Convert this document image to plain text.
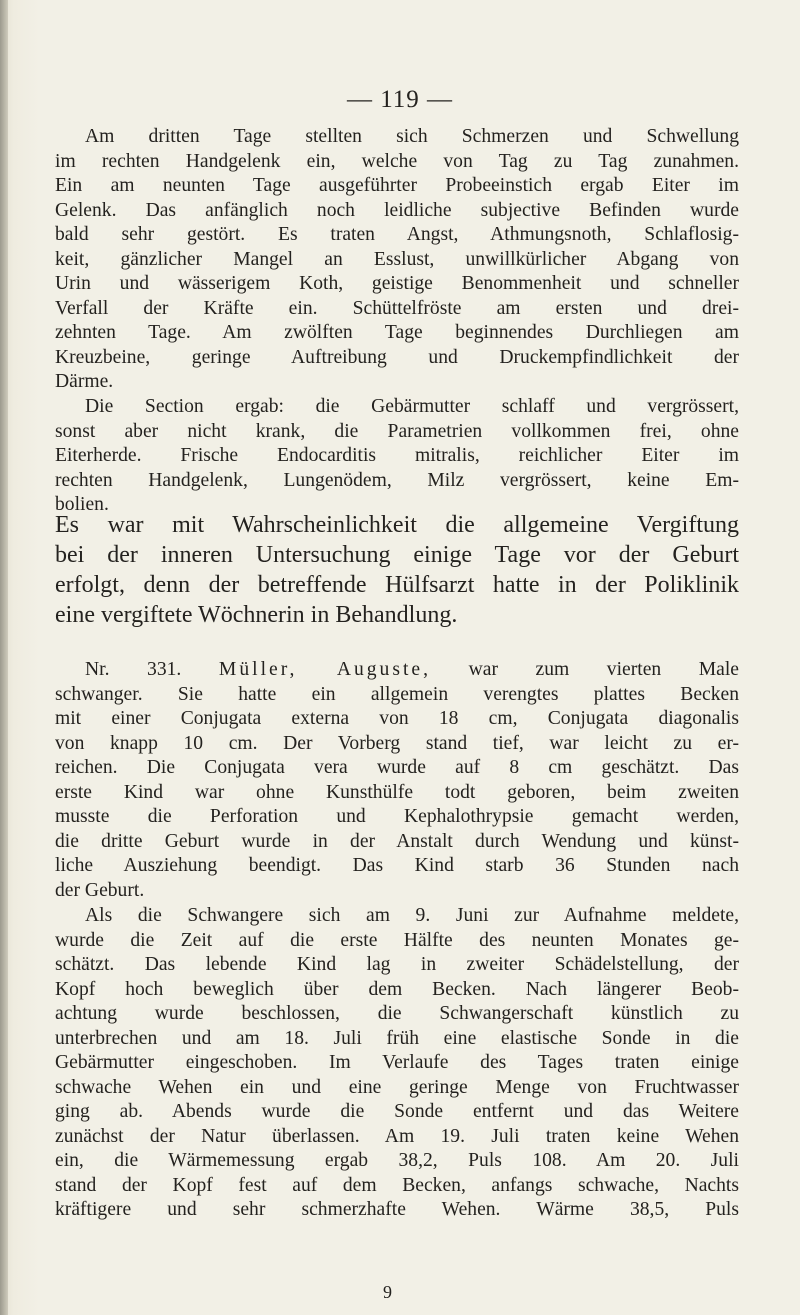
— 119 —
Am dritten Tage stellten sich Schmerzen und Schwellung
im rechten Handgelenk ein, welche von Tag zu Tag zunahmen.
Ein am neunten Tage ausgeführter Probeeinstich ergab Eiter im
Gelenk. Das anfänglich noch leidliche subjective Befinden wurde
bald sehr gestört. Es traten Angst, Athmungsnoth, Schlaflosig-
keit, gänzlicher Mangel an Esslust, unwillkürlicher Abgang von
Urin und wässerigem Koth, geistige Benommenheit und schneller
Verfall der Kräfte ein. Schüttelfröste am ersten und drei-
zehnten Tage. Am zwölften Tage beginnendes Durchliegen am
Kreuzbeine, geringe Auftreibung und Druckempfindlichkeit der
Därme.
Die Section ergab: die Gebärmutter schlaff und vergrössert,
sonst aber nicht krank, die Parametrien vollkommen frei, ohne
Eiterherde. Frische Endocarditis mitralis, reichlicher Eiter im
rechten Handgelenk, Lungenödem, Milz vergrössert, keine Em-
bolien.
Es war mit Wahrscheinlichkeit die allgemeine Vergiftung
bei der inneren Untersuchung einige Tage vor der Geburt
erfolgt, denn der betreffende Hülfsarzt hatte in der Poliklinik
eine vergiftete Wöchnerin in Behandlung.
Nr. 331. Müller, Auguste, war zum vierten Male
schwanger. Sie hatte ein allgemein verengtes plattes Becken
mit einer Conjugata externa von 18 cm, Conjugata diagonalis
von knapp 10 cm. Der Vorberg stand tief, war leicht zu er-
reichen. Die Conjugata vera wurde auf 8 cm geschätzt. Das
erste Kind war ohne Kunsthülfe todt geboren, beim zweiten
musste die Perforation und Kephalothrypsie gemacht werden,
die dritte Geburt wurde in der Anstalt durch Wendung und künst-
liche Ausziehung beendigt. Das Kind starb 36 Stunden nach
der Geburt.
Als die Schwangere sich am 9. Juni zur Aufnahme meldete,
wurde die Zeit auf die erste Hälfte des neunten Monates ge-
schätzt. Das lebende Kind lag in zweiter Schädelstellung, der
Kopf hoch beweglich über dem Becken. Nach längerer Beob-
achtung wurde beschlossen, die Schwangerschaft künstlich zu
unterbrechen und am 18. Juli früh eine elastische Sonde in die
Gebärmutter eingeschoben. Im Verlaufe des Tages traten einige
schwache Wehen ein und eine geringe Menge von Fruchtwasser
ging ab. Abends wurde die Sonde entfernt und das Weitere
zunächst der Natur überlassen. Am 19. Juli traten keine Wehen
ein, die Wärmemessung ergab 38,2, Puls 108. Am 20. Juli
stand der Kopf fest auf dem Becken, anfangs schwache, Nachts
kräftigere und sehr schmerzhafte Wehen. Wärme 38,5, Puls
9
